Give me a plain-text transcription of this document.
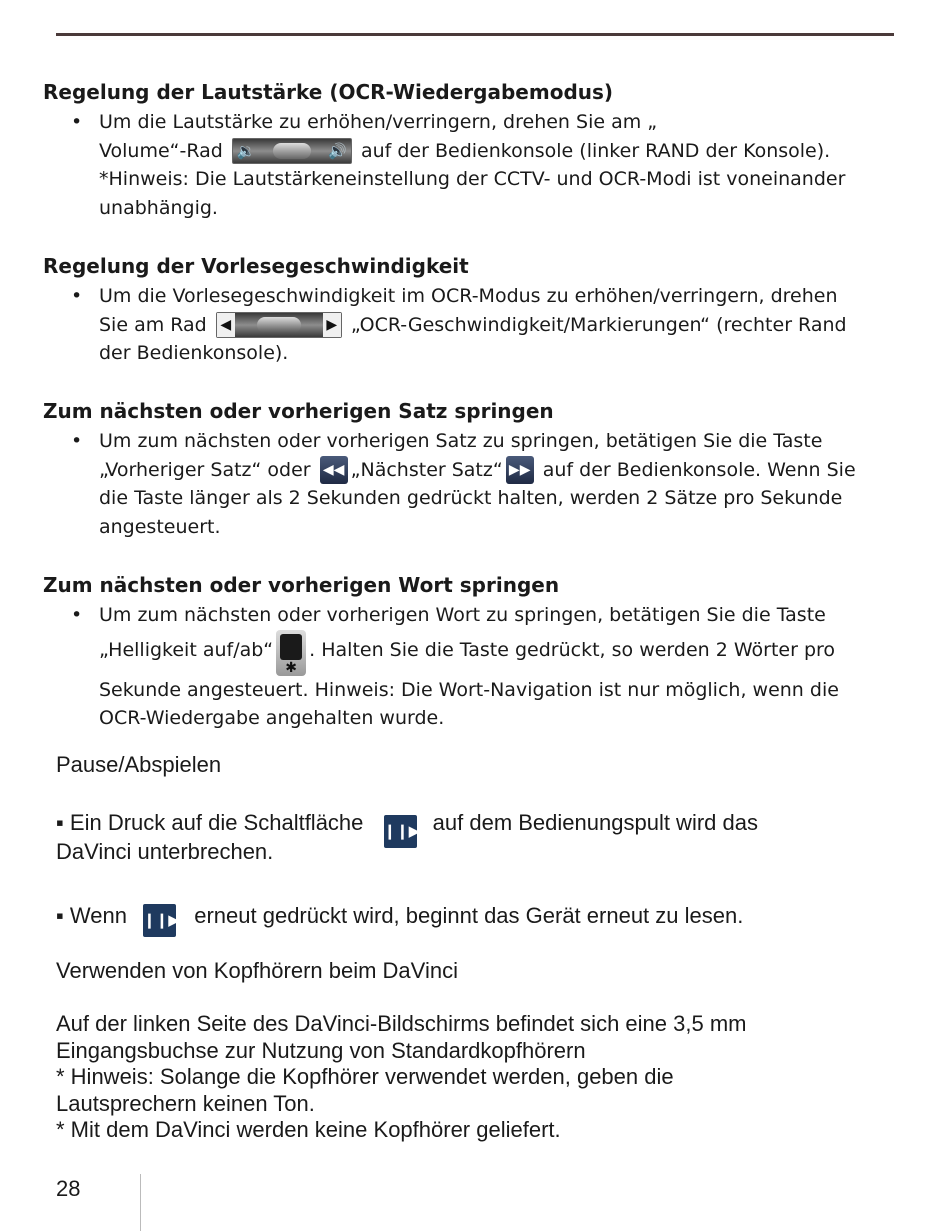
Regelung der Lautstärke (OCR-Wiedergabemodus)

• Um die Lautstärke zu erhöhen/verringern, drehen Sie am „
Volume“-Rad 🔉	🔊 auf der Bedienkonsole (linker RAND der Konsole).
*Hinweis: Die Lautstärkeneinstellung der CCTV- und OCR-Modi ist voneinander
unabhängig.

Regelung der Vorlesegeschwindigkeit

• Um die Vorlesegeschwindigkeit im OCR-Modus zu erhöhen/verringern, drehen
Sie am Rad ◀	▶ „OCR-Geschwindigkeit/Markierungen“ (rechter Rand
der Bedienkonsole).

Zum nächsten oder vorherigen Satz springen

• Um zum nächsten oder vorherigen Satz zu springen, betätigen Sie die Taste
„Vorheriger Satz“ oder ◀◀ „Nächster Satz“ ▶▶ auf der Bedienkonsole. Wenn Sie
die Taste länger als 2 Sekunden gedrückt halten, werden 2 Sätze pro Sekunde
angesteuert.

Zum nächsten oder vorherigen Wort springen

• Um zum nächsten oder vorherigen Wort zu springen, betätigen Sie die Taste
„Helligkeit auf/ab“
✱
. Halten Sie die Taste gedrückt, so werden 2 Wörter pro
Sekunde angesteuert. Hinweis: Die Wort-Navigation ist nur möglich, wenn die
OCR-Wiedergabe angehalten wurde.
Pause/Abspielen
▪ Ein Druck auf die Schaltfläche ❙❙▶ auf dem Bedienungspult wird das
DaVinci unterbrechen.
▪ Wenn ❙❙▶ erneut gedrückt wird, beginnt das Gerät erneut zu lesen.
Verwenden von Kopfhörern beim DaVinci
Auf der linken Seite des DaVinci-Bildschirms befindet sich eine 3,5 mm
Eingangsbuchse zur Nutzung von Standardkopfhörern
* Hinweis: Solange die Kopfhörer verwendet werden, geben die
Lautsprechern keinen Ton.
* Mit dem DaVinci werden keine Kopfhörer geliefert.
28
